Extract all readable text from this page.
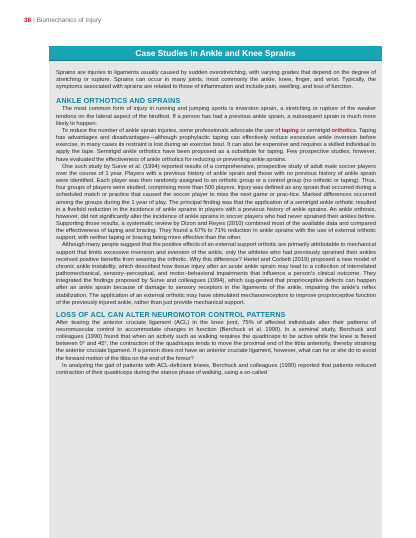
38 | Biomechanics of Injury
Case Studies in Ankle and Knee Sprains

Sprains are injuries to ligaments usually caused by sudden overstretching, with varying grades that depend on the degree of stretching or rupture. Sprains can occur in many joints, most commonly the ankle, knee, finger, and wrist. Typically, the symptoms associated with sprains are related to those of inflammation and include pain, swelling, and loss of function.

ANKLE ORTHOTICS AND SPRAINS

The most common form of injury in running and jumping sports is inversion sprain, a stretching or rupture of the weaker tendons on the lateral aspect of the hindfoot. If a person has had a previous ankle sprain, a subsequent sprain is much more likely to happen.

To reduce the number of ankle sprain injuries, some professionals advocate the use of taping or semirigid orthotics. Taping has advantages and disadvantages—although prophylactic taping can effectively reduce excessive ankle inversion before exercise, in many cases its restraint is lost during an exercise bout. It can also be expensive and requires a skilled individual to apply the tape. Semirigid ankle orthotics have been proposed as a substitute for taping. Few prospective studies, however, have evaluated the effectiveness of ankle orthotics for reducing or preventing ankle sprains.

One such study by Surve et al. (1994) reported results of a comprehensive, prospective study of adult male soccer players over the course of 1 year. Players with a previous history of ankle sprain and those with no previous history of ankle sprain were identified. Each player was then randomly assigned to an orthotic group or a control group (no orthotic or taping). Thus, four groups of players were studied, comprising more than 500 players. Injury was defined as any sprain that occurred during a scheduled match or practice that caused the soccer player to miss the next game or prac-tice. Marked differences occurred among the groups during the 1 year of play. The principal finding was that the application of a semirigid ankle orthotic resulted in a fivefold reduction in the incidence of ankle sprains in players with a previous history of ankle sprains. An ankle orthosis, however, did not significantly alter the incidence of ankle sprains in soccer players who had never sprained their ankles before. Supporting those results, a systematic review by Dizon and Reyes (2010) combined most of the available data and compared the effectiveness of taping and bracing. They found a 67% to 71% reduction in ankle sprains with the use of external orthotic support, with neither taping or bracing being more effective than the other.

Although many people suggest that the positive effects of an external support orthotic are primarily attributable to mechanical support that limits excessive inversion and eversion of the ankle, only the athletes who had previously sprained their ankles received positive benefits from wearing the orthotic. Why this difference? Hertel and Corbett (2019) proposed a new model of chronic ankle instability, which described how tissue injury after an acute ankle sprain may lead to a collection of interrelated pathomechanical, sensory–perceptual, and motor–behavioral impairments that influence a person's clinical outcome. They integrated the findings proposed by Surve and colleagues (1994), which sug-gested that proprioceptive defects can happen after an ankle sprain because of damage to sensory receptors in the ligaments of the ankle, impairing the ankle's reflex stabilization. The application of an external orthotic may have stimulated mechanoreceptors to improve proprioceptive function of the previously injured ankle, rather than just provide mechanical support.

LOSS OF ACL CAN ALTER NEUROMOTOR CONTROL PATTERNS

After tearing the anterior cruciate ligament (ACL) in the knee joint, 75% of affected individuals alter their patterns of neuromuscular control to accommodate changes in function (Berchuck et al. 1990). In a seminal study, Berchuck and colleagues (1990) found that when an activity such as walking requires the quadriceps to be active while the knee is flexed between 0° and 45°, the contraction of the quadriceps tends to move the proximal end of the tibia anteriorly, thereby straining the anterior cruciate ligament. If a person does not have an anterior cruciate ligament, however, what can he or she do to avoid the forward motion of the tibia on the end of the femur?

In analyzing the gait of patients with ACL-deficient knees, Berchuck and colleagues (1990) reported that patients reduced contraction of their quadriceps during the stance phase of walking, using a so-called
